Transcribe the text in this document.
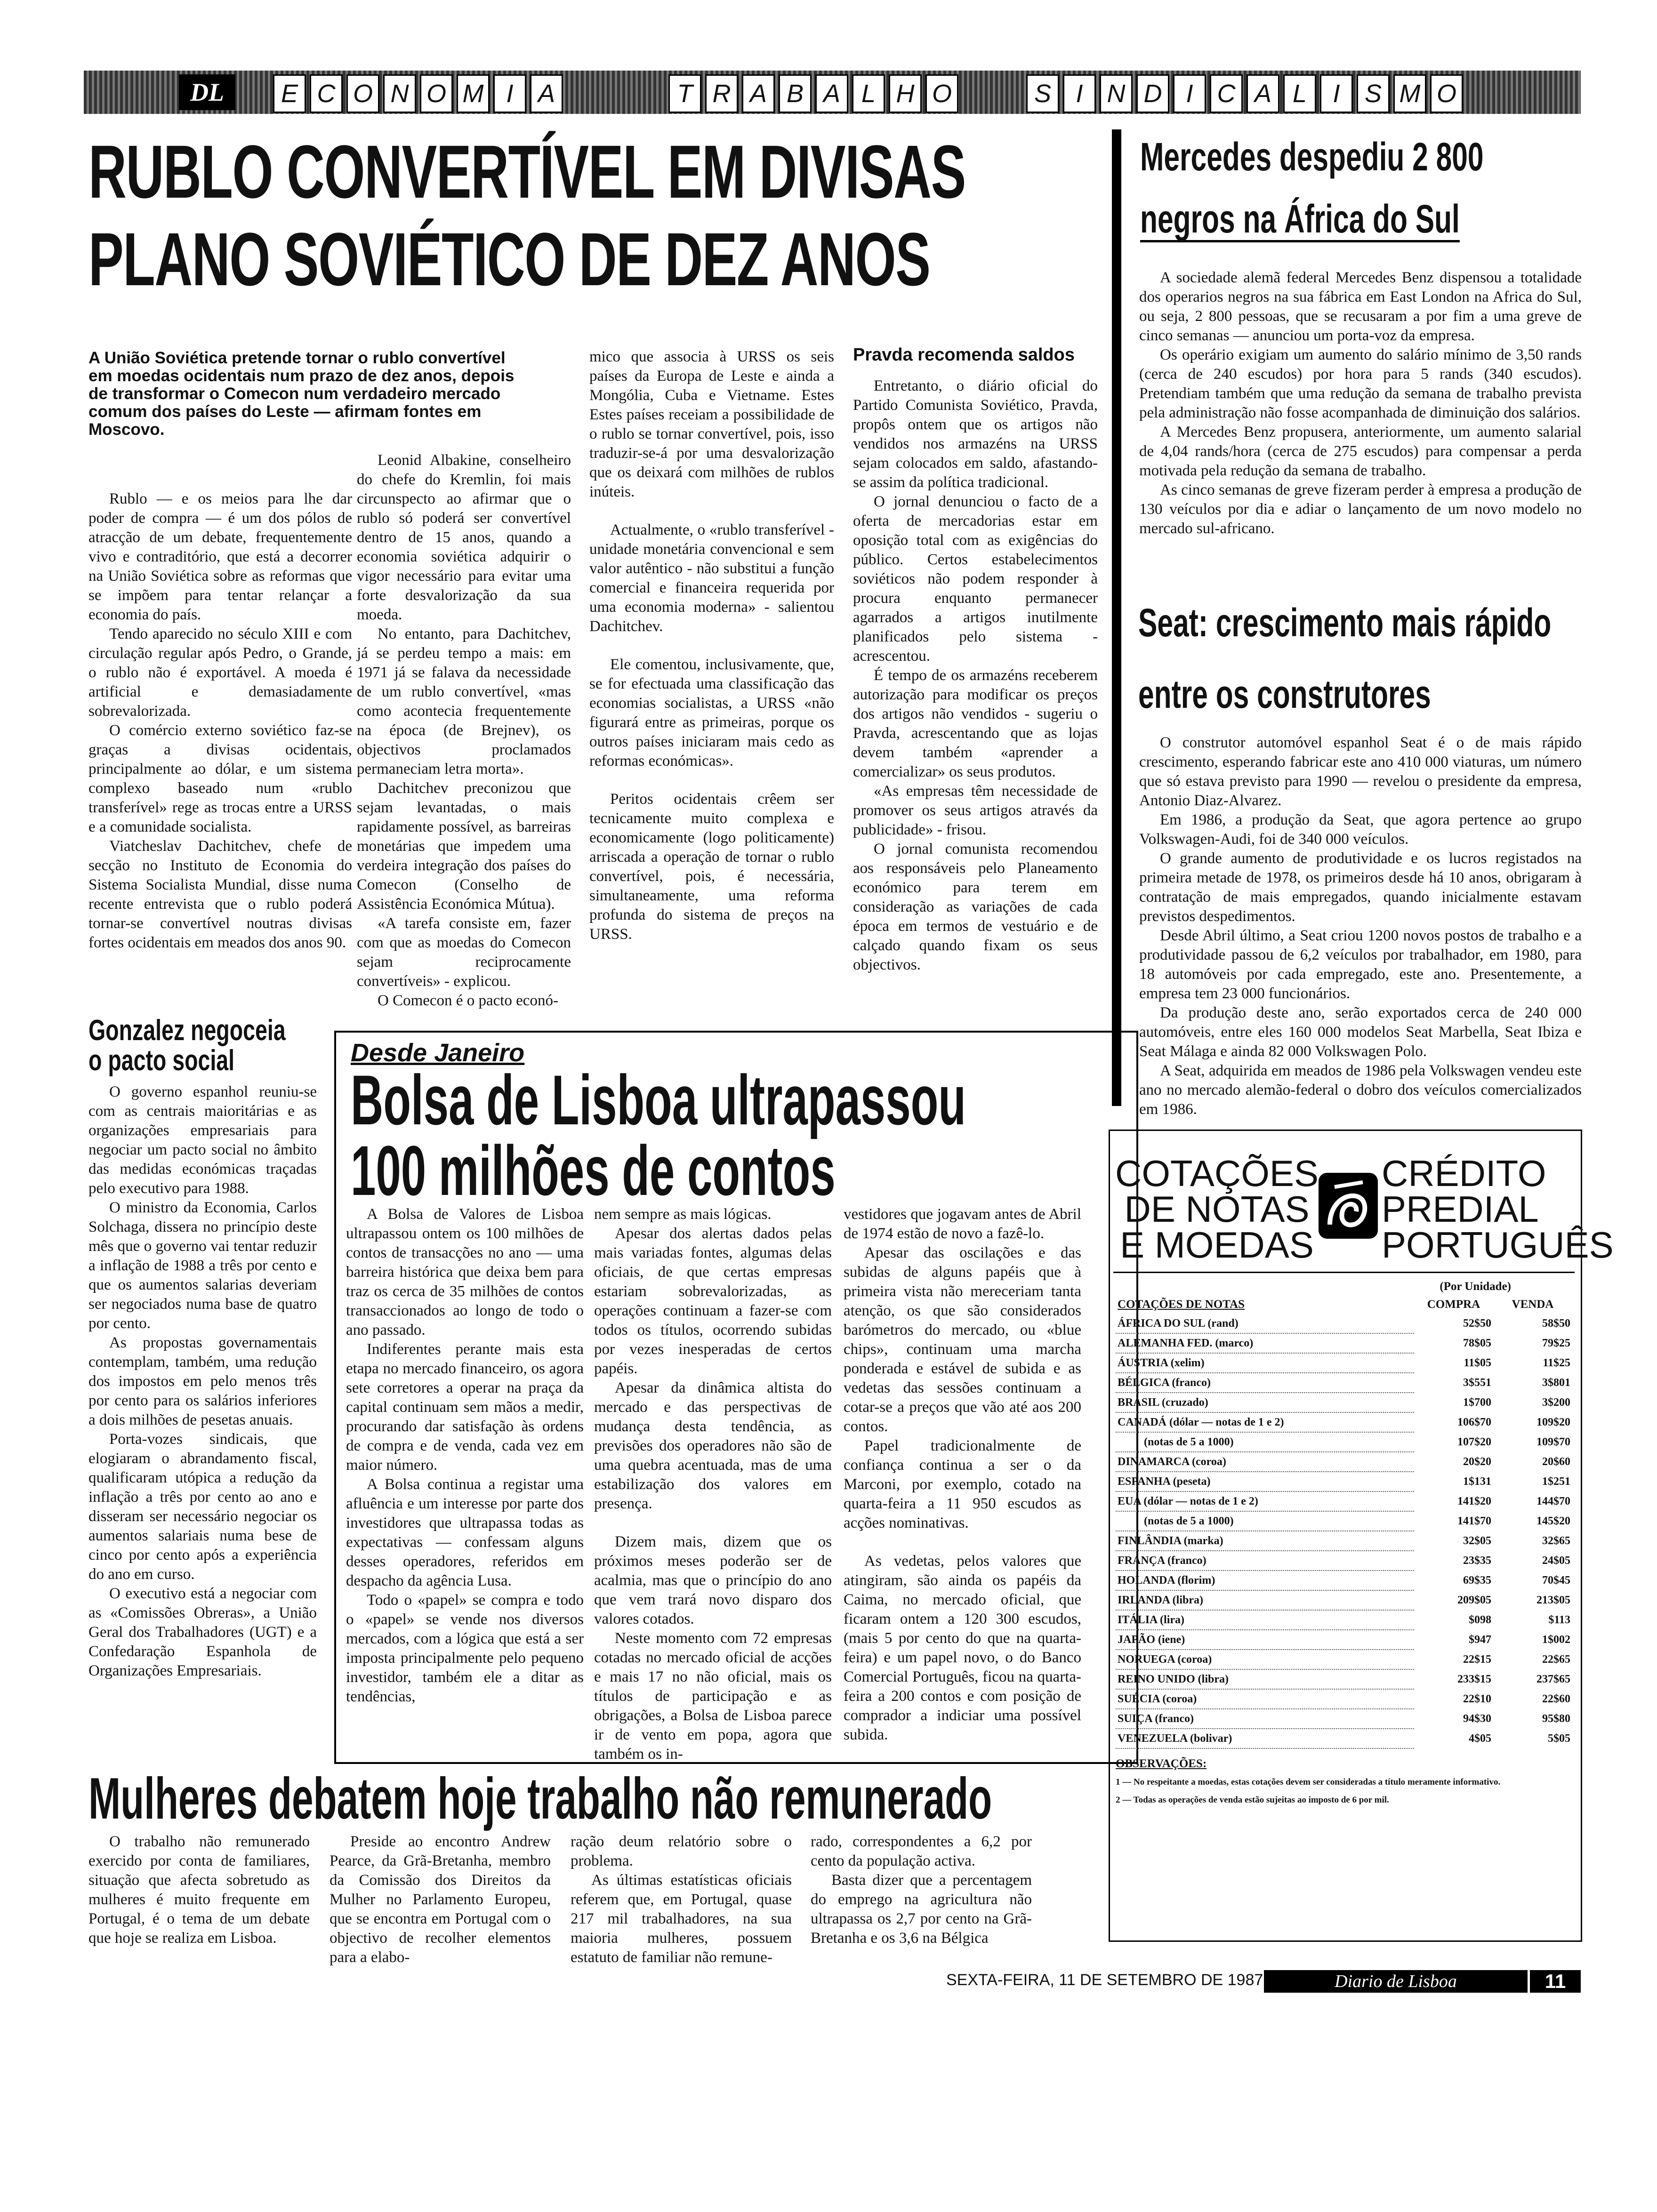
DL	E C O N O M I A	T R A B A L H O	S I N D I C A L	I S M O
RUBLO CONVERTÍVEL EM DIVISAS
PLANO SOVIÉTICO DE DEZ ANOS
A União Soviética pretende tornar o rublo convertível em moedas ocidentais num prazo de dez anos, depois de transformar o Comecon num verdadeiro mercado comum dos países do Leste — afirmam fontes em Moscovo.

Rublo — e os meios para lhe dar poder de compra — é um dos pólos de atracção de um debate, frequentemente vivo e contraditório, que está a decorrer na União Soviética sobre as reformas que se impõem para tentar relançar a economia do país.

Tendo aparecido no século XIII e com circulação regular após Pedro, o Grande, o rublo não é exportável. A moeda é artificial e demasiadamente sobrevalorizada.

O comércio externo soviético faz-se graças a divisas ocidentais, principalmente ao dólar, e um sistema complexo baseado num «rublo transferível» rege as trocas entre a URSS e a comunidade socialista.

Viatcheslav Dachitchev, chefe de secção no Instituto de Economia do Sistema Socialista Mundial, disse numa recente entrevista que o rublo poderá tornar-se convertível noutras divisas fortes ocidentais em meados dos anos 90.

Leonid Albakine, conselheiro do chefe do Kremlin, foi mais circunspecto ao afirmar que o rublo só poderá ser convertível dentro de 15 anos, quando a economia soviética adquirir o vigor necessário para evitar uma forte desvalorização da sua moeda.

No entanto, para Dachitchev, já se perdeu tempo a mais: em 1971 já se falava da necessidade de um rublo convertível, «mas como acontecia frequentemente na época (de Brejnev), os objectivos proclamados permaneciam letra morta».

Dachitchev preconizou que sejam levantadas, o mais rapidamente possível, as barreiras monetárias que impedem uma verdeira integração dos países do Comecon (Conselho de Assistência Económica Mútua).

«A tarefa consiste em, fazer com que as moedas do Comecon sejam reciprocamente convertíveis» - explicou.

O Comecon é o pacto econó-

mico que associa à URSS os seis países da Europa de Leste e ainda a Mongólia, Cuba e Vietname. Estes Estes países receiam a possibilidade de o rublo se tornar convertível, pois, isso traduzir-se-á por uma desvalorização que os deixará com milhões de rublos inúteis.

Actualmente, o «rublo transferível - unidade monetária convencional e sem valor autêntico - não substitui a função comercial e financeira requerida por uma economia moderna» - salientou Dachitchev.

Ele comentou, inclusivamente, que, se for efectuada uma classificação das economias socialistas, a URSS «não figurará entre as primeiras, porque os outros países iniciaram mais cedo as reformas económicas».

Peritos ocidentais crêem ser tecnicamente muito complexa e economicamente (logo politicamente) arriscada a operação de tornar o rublo convertível, pois, é necessária, simultaneamente, uma reforma profunda do sistema de preços na URSS.

Pravda recomenda saldos

Entretanto, o diário oficial do Partido Comunista Soviético, Pravda, propôs ontem que os artigos não vendidos nos armazéns na URSS sejam colocados em saldo, afastando-se assim da política tradicional.

O jornal denunciou o facto de a oferta de mercadorias estar em oposição total com as exigências do público. Certos estabelecimentos soviéticos não podem responder à procura enquanto permanecer agarrados a artigos inutilmente planificados pelo sistema - acrescentou.

É tempo de os armazéns receberem autorização para modificar os preços dos artigos não vendidos - sugeriu o Pravda, acrescentando que as lojas devem também «aprender a comercializar» os seus produtos.

«As empresas têm necessidade de promover os seus artigos através da publicidade» - frisou.

O jornal comunista recomendou aos responsáveis pelo Planeamento económico para terem em consideração as variações de cada época em termos de vestuário e de calçado quando fixam os seus objectivos.

Gonzalez negoceia o pacto social

O governo espanhol reuniu-se com as centrais maioritárias e as organizações empresariais para negociar um pacto social no âmbito das medidas económicas traçadas pelo executivo para 1988.

O ministro da Economia, Carlos Solchaga, dissera no princípio deste mês que o governo vai tentar reduzir a inflação de 1988 a três por cento e que os aumentos salarias deveriam ser negociados numa base de quatro por cento.

As propostas governamentais contemplam, também, uma redução dos impostos em pelo menos três por cento para os salários inferiores a dois milhões de pesetas anuais.

Porta-vozes sindicais, que elogiaram o abrandamento fiscal, qualificaram utópica a redução da inflação a três por cento ao ano e disseram ser necessário negociar os aumentos salariais numa bese de cinco por cento após a experiência do ano em curso.

O executivo está a negociar com as «Comissões Obreras», a União Geral dos Trabalhadores (UGT) e a Confedaração Espanhola de Organizações Empresariais.

Desde Janeiro
Bolsa de Lisboa ultrapassou
100 milhões de contos

A Bolsa de Valores de Lisboa ultrapassou ontem os 100 milhões de contos de transacções no ano — uma barreira histórica que deixa bem para traz os cerca de 35 milhões de contos transaccionados ao longo de todo o ano passado.

Indiferentes perante mais esta etapa no mercado financeiro, os agora sete corretores a operar na praça da capital continuam sem mãos a medir, procurando dar satisfação às ordens de compra e de venda, cada vez em maior número.

A Bolsa continua a registar uma afluência e um interesse por parte dos investidores que ultrapassa todas as expectativas — confessam alguns desses operadores, referidos em despacho da agência Lusa.

Todo o «papel» se compra e todo o «papel» se vende nos diversos mercados, com a lógica que está a ser imposta principalmente pelo pequeno investidor, também ele a ditar as tendências,

nem sempre as mais lógicas.

Apesar dos alertas dados pelas mais variadas fontes, algumas delas oficiais, de que certas empresas estariam sobrevalorizadas, as operações continuam a fazer-se com todos os títulos, ocorrendo subidas por vezes inesperadas de certos papéis.

Apesar da dinâmica altista do mercado e das perspectivas de mudança desta tendência, as previsões dos operadores não são de uma quebra acentuada, mas de uma estabilização dos valores em presença.

Dizem mais, dizem que os próximos meses poderão ser de acalmia, mas que o princípio do ano que vem trará novo disparo dos valores cotados.

Neste momento com 72 empresas cotadas no mercado oficial de acções e mais 17 no não oficial, mais os títulos de participação e as obrigações, a Bolsa de Lisboa parece ir de vento em popa, agora que também os in-

vestidores que jogavam antes de Abril de 1974 estão de novo a fazê-lo.

Apesar das oscilações e das subidas de alguns papéis que à primeira vista não mereceriam tanta atenção, os que são considerados barómetros do mercado, ou «blue chips», continuam uma marcha ponderada e estável de subida e as vedetas das sessões continuam a cotar-se a preços que vão até aos 200 contos.

Papel tradicionalmente de confiança continua a ser o da Marconi, por exemplo, cotado na quarta-feira a 11 950 escudos as acções nominativas.

As vedetas, pelos valores que atingiram, são ainda os papéis da Caima, no mercado oficial, que ficaram ontem a 120 300 escudos, (mais 5 por cento do que na quarta-feira) e um papel novo, o do Banco Comercial Português, ficou na quarta-feira a 200 contos e com posição de comprador a indiciar uma possível subida.

Mulheres debatem hoje trabalho não remunerado

O trabalho não remunerado exercido por conta de familiares, situação que afecta sobretudo as mulheres é muito frequente em Portugal, é o tema de um debate que hoje se realiza em Lisboa.

Preside ao encontro Andrew Pearce, da Grã-Bretanha, membro da Comissão dos Direitos da Mulher no Parlamento Europeu, que se encontra em Portugal com o objectivo de recolher elementos para a elabo-

ração deum relatório sobre o problema.

As últimas estatísticas oficiais referem que, em Portugal, quase 217 mil trabalhadores, na sua maioria mulheres, possuem estatuto de familiar não remune-

rado, correspondentes a 6,2 por cento da população activa.

Basta dizer que a percentagem do emprego na agricultura não ultrapassa os 2,7 por cento na Grã-Bretanha e os 3,6 na Bélgica

Mercedes despediu 2 800
negros na África do Sul

A sociedade alemã federal Mercedes Benz dispensou a totalidade dos operarios negros na sua fábrica em East London na Africa do Sul, ou seja, 2 800 pessoas, que se recusaram a por fim a uma greve de cinco semanas — anunciou um porta-voz da empresa.

Os operário exigiam um aumento do salário mínimo de 3,50 rands (cerca de 240 escudos) por hora para 5 rands (340 escudos). Pretendiam também que uma redução da semana de trabalho prevista pela administração não fosse acompanhada de diminuição dos salários.

A Mercedes Benz propusera, anteriormente, um aumento salarial de 4,04 rands/hora (cerca de 275 escudos) para compensar a perda motivada pela redução da semana de trabalho.

As cinco semanas de greve fizeram perder à empresa a produção de 130 veículos por dia e adiar o lançamento de um novo modelo no mercado sul-africano.

Seat: crescimento mais rápido
entre os construtores

O construtor automóvel espanhol Seat é o de mais rápido crescimento, esperando fabricar este ano 410 000 viaturas, um número que só estava previsto para 1990 — revelou o presidente da empresa, Antonio Diaz-Alvarez.

Em 1986, a produção da Seat, que agora pertence ao grupo Volkswagen-Audi, foi de 340 000 veículos.

O grande aumento de produtividade e os lucros registados na primeira metade de 1978, os primeiros desde há 10 anos, obrigaram à contratação de mais empregados, quando inicialmente estavam previstos despedimentos.

Desde Abril último, a Seat criou 1200 novos postos de trabalho e a produtividade passou de 6,2 veículos por trabalhador, em 1980, para 18 automóveis por cada empregado, este ano. Presentemente, a empresa tem 23 000 funcionários.

Da produção deste ano, serão exportados cerca de 240 000 automóveis, entre eles 160 000 modelos Seat Marbella, Seat Ibiza e Seat Málaga e ainda 82 000 Volkswagen Polo.

A Seat, adquirida em meados de 1986 pela Volkswagen vendeu este ano no mercado alemão-federal o dobro dos veículos comercializados em 1986.

COTAÇÕES
DE NOTAS
E MOEDAS
CRÉDITO
PREDIAL
PORTUGUÊS
(Por Unidade)
COTAÇÕES DE NOTAS	COMPRA	VENDA
ÁFRICA DO SUL (rand)	52$50	58$50
ALEMANHA FED. (marco)	78$05	79$25
ÁUSTRIA (xelim)	11$05	11$25
BÉLGICA (franco)	3$551	3$801
BRASIL (cruzado)	1$700	3$200
CANADÁ (dólar — notas de 1 e 2)	106$70	109$20
(notas de 5 a 1000)	107$20	109$70
DINAMARCA (coroa)	20$20	20$60
ESPANHA (peseta)	1$131	1$251
EUA (dólar — notas de 1 e 2)	141$20	144$70
(notas de 5 a 1000)	141$70	145$20
FINLÂNDIA (marka)	32$05	32$65
FRANÇA (franco)	23$35	24$05
HOLANDA (florim)	69$35	70$45
IRLANDA (libra)	209$05	213$05
ITÁLIA (lira)	$098	$113
JAPÃO (iene)	$947	1$002
NORUEGA (coroa)	22$15	22$65
REINO UNIDO (libra)	233$15	237$65
SUÉCIA (coroa)	22$10	22$60
SUIÇA (franco)	94$30	95$80
VENEZUELA (bolivar)	4$05	5$05
OBSERVAÇÕES:
1 — No respeitante a moedas, estas cotações devem ser consideradas a título meramente informativo.
2 — Todas as operações de venda estão sujeitas ao imposto de 6 por mil.
SEXTA-FEIRA, 11 DE SETEMBRO DE 1987	Diario de Lisboa	11
